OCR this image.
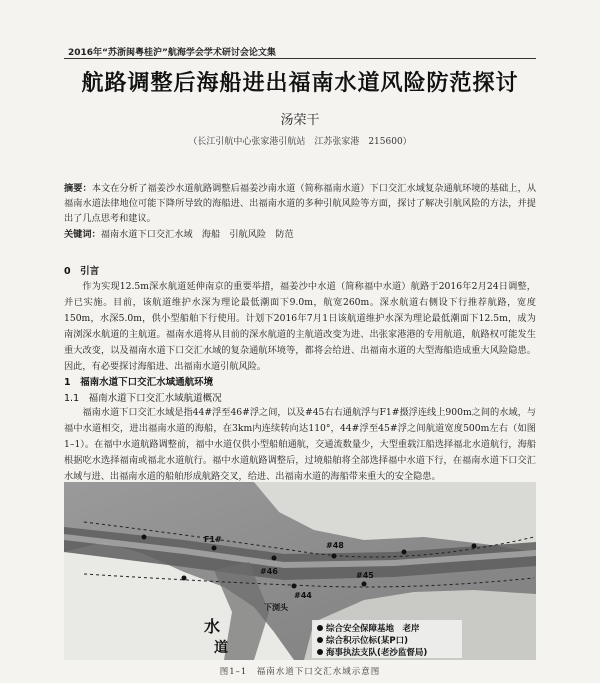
2016年“苏浙闽粤桂沪”航海学会学术研讨会论文集
航路调整后海船进出福南水道风险防范探讨
汤荣干
（长江引航中心张家港引航站　江苏张家港　215600）
摘要：本文在分析了福姜沙水道航路调整后福姜沙南水道（简称福南水道）下口交汇水域复杂通航环境的基础上，从福南水道法律地位可能下降所导致的海船进、出福南水道的多种引航风险等方面，探讨了解决引航风险的方法，并提出了几点思考和建议。
关键词：福南水道下口交汇水域　海船　引航风险　防范
0　引言
作为实现12.5m深水航道延伸南京的重要举措，福姜沙中水道（简称福中水道）航路于2016年2月24日调整，并已实施。目前，该航道维护水深为理论最低潮面下9.0m，航宽260m。深水航道右侧设下行推荐航路，宽度150m，水深5.0m，供小型船舶下行使用。计划下2016年7月1日该航道维护水深为理论最低潮面下12.5m，成为南浏深水航道的主航道。福南水道将从目前的深水航道的主航道改变为进、出张家港港的专用航道，航路权可能发生重大改变，以及福南水道下口交汇水域的复杂通航环境等，都将会给进、出福南水道的大型海船造成重大风险隐患。因此，有必要探讨海船进、出福南水道引航风险。
1　福南水道下口交汇水域通航环境
1.1　福南水道下口交汇水域航道概况
福南水道下口交汇水域是指44#浮至46#浮之间，以及#45右右通航浮与F1#摄浮连线上900m之间的水域，与福中水道相交，进出福南水道的海船，在3km内连续转向达110°，44#浮至45#浮之间航道宽度500m左右（如图1–1）。在福中水道航路调整前，福中水道仅供小型船舶通航，交通流数量少，大型重载江船选择福北水道航行，海船根据吃水选择福南或福北水道航行。福中水道航路调整后，过境船舶将全部选择福中水道下行，在福南水道下口交汇水域与进、出福南水道的船舶形成航路交叉，给进、出福南水道的海船带来重大的安全隐患。
#44
#45
#46
#48
F1#
下浏头
水
道
综合安全保障基地　老岸
综合积示位标(某P口)
海事执法支队(老沙监督局)
图1–1　福南水道下口交汇水域示意图
